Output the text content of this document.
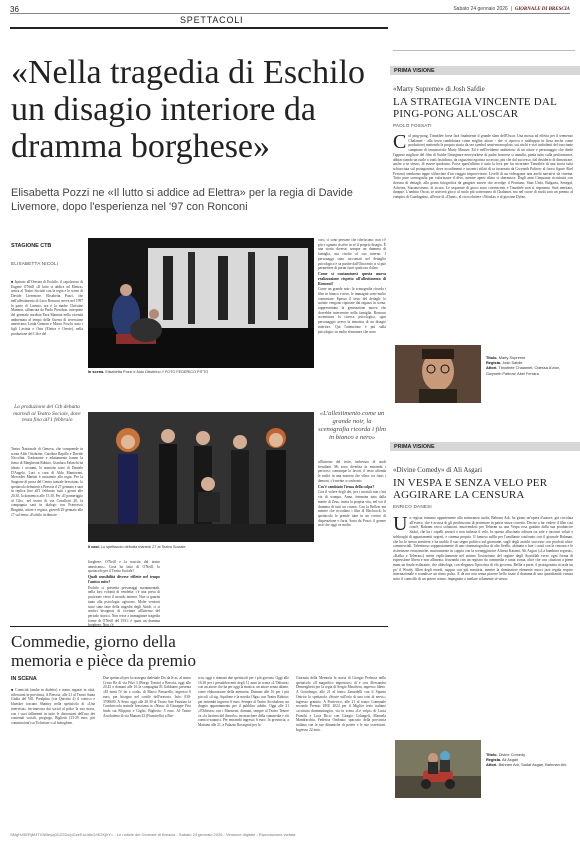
36	Sabato 24 gennaio 2026  |  GIORNALE DI BRESCIA
SPETTACOLI
«Nella tragedia di Eschilo un disagio interiore da dramma borghese»
Elisabetta Pozzi ne «Il lutto si addice ad Elettra» per la regia di Davide Livemore, dopo l'esperienza nel '97 con Ronconi
STAGIONE CTB
ELISABETTA NICOLI

■ Ispirato all'Orestea di Eschilo, il capolavoro di Eugene O'Neill «Il lutto si addice ad Elettra» arriva al Teatro Sociale con la regia e le scene di Davide Livermore. Elisabetta Pozzi, che nell'allestimento di Luca Ronconi aveva nel 1997 la parte di Lavinia, ora è la madre Christine Mannon, affiancata da Paolo Pierobon, interprete del generale nordista Ezra Mannon nella vicenda ambientata al tempo della Guerra di secessione americana; Linda Gennari e Marco Foschi sono i figli Lavinia e Orin (Elettra e Oreste), nella produzione del Ctb e del

La produzione del Ctb debutta martedì al Teatro Sociale, dove resta fino all'1 febbraio

Teatro Nazionale di Genova, che comprende in scena Aldo Ottobrino, Carolina Rapillo e Davide Niccolini. Traduzione e adattamento hanno la firma di Margherita Rubino, Gianluca Falaschi ha ideato i costumi, le musiche sono di Daniele D'Angelo. Luci a cura di Aldo Mantovani, Mercedes Martini è assistente alla regia. Per la Stagione di prosa del Centro teatrale bresciano, lo spettacolo debutterà a Brescia il 27 gennaio e sarà in replica fino all'1 febbraio: tutti i giorni alle 20.30, la domenica alle 15.30. Per «Il pomeriggio al Ctb», nel teatro di via Cavallotti 20, la compagnia sarà in dialogo con Francesco Biagietti, attore e regista, giovedì 29 gennaio alle 17 sul tema: «Eschilo in dimore

In scena. Elisabetta Pozzi e Aldo Ottobrino // FOTO FEDERICO PITTO
Il cast. Lo spettacolo debutta martedì 27 al Teatro Sociale

borghese. O'Neill e la nascita del teatro americano». Cosa ha fatto di O'Neill, lo spettacolo per il Teatro Sociale?

Quali sensibilità diverse riflette nel tempo l'antico mito?

Eschilo ci presenta personaggi monumentali, nella loro volontà di vendetta: c'è una presa di posizione verso il mondo interno. Non si guarda tanto alla psicologia: agiscono. Molte versioni sono state fatte della tragedia degli Atridi, ci si sentivi bisognosi di ricettare all'interno del periodo storico. Non tesse a immaginare tragedia forme di O'Neill del 1931: è quasi un dramma

coro, ci sono persone che riferiscono: non c'è più e ognuno risolve in sé il proprio disagio. È una storia diversa: sempre un dramma di famiglia, ma risolto al suo interno. I personaggi sono raccontati nel dettaglio psicologico e ca partire dall'Ottocento ci si può permettere di portar fuori qualcosa d'altro.

Come si contaminerà questa nuova realizzazione rispetto all'allestimento di Ronconi?

Come un grande noir: la scenografia ricorda i film in bianco e nero, le immagini sono molto contrastate. Spesso il testo del dettagli, le notizie vengono riportate dai ragazzi in scena: rappresentano la generazione nuova che dovrebbe intervenire nella famiglia. Ronconi accentuava la ricerca psicologica, ogni personaggio aveva la tematica di un disagio interiore. Qui l'attenzione è più sulla psicologia: su molte sfumature che sono

«L'allestimento come un grande noir, la scenografia ricorda i film in bianco e nero»

all'interno del testo, imbevuto di studi freudiani. Mi sono divertita in entrambi i percorsi: comunque lo lavori, il testo affonda le radici in una materia che vibra: tra fuori i demoni, c'è mente a confronto.

Cos'è cambiato l'tema della colpa?

Con il volere degli dei, per i mortali non c'era via di scampo. Anna, femmina nata dalla mente di Zeus, invita la propria vita, nel voi il dramma di tutti un cosmo. Con la Bellosi ma mentre che ricordano i film di Hitchcock, lo spettacolo lo prende tutte in un vortice di disperazione e furia. Sono da Pozzi: il genere noir che oggi va molto.

Commedie, giorno della memoria e pièce da premio
IN SCENA
■ Comicità (anche in dialetto) e teatro ragazzi in città, riflessioni in provincia. A Brescia, alle 21 al Teatro Santa Giulia del Vill. Prealpino (via Quistini 4) il comico e bluesker toscano Shamzy nella spettacolo di «Una intervista» tra-tranvasa dai social al palco la sua storia, con i suoi fallimenti in tutte le distorsioni dell'uso dei contenuti sociali, progiogo, Biglietti (13-29 euro, più commissioni) su Ticketone o al botteghino.
Due spettacoli per la rassegna dialettale Dis da lè as, al teatro Cristo Re di via Filzi 3 (Borgo Trento) a Brescia, oggi alle 20.45 e domani alle 16 la compagnia El Gabbiano presenta «El ment l'è fat a scala» di Marco Passarello, ingresso 6 euro, per bisogno nel cortile dell'oratorio. Info: 030-3700600. A Sesto oggi alle 20.30 al Teatro San Faustino la Combriccola teatrale bresciana in «Nina» di Giuseppe Frio lindo sui Filippini e Giglio. Biglietto: 5 euro. Al Teatro Arcobaleno di via Manara 23 (Fiumicello) a Bre-
scia, oggi e domani due spettacoli per i più giovani. Oggi alle 16.30 per i preadolescenti degli 11 anni in scena «L'Odissea» con un attore che ha per oggi la musica: un attore senza ultimo, come elaborazione della memoria. Domani alle 16 per i più piccoli «il sig. Aquilone e la nuvola Olga» con Teatro Ridotto; per entrambi ingresso 6 euro. Sempre al Teatro Arcobaleno, un doppio appuntamento per il pubblico adulto. Oggi alle 21 «l'Odissea» con i Maestrini; domani, sempre al Teatro Tenore va «la lacrima del diavolo» tra maschere della commedia e riti comico-satanici. Per entrambi ingresso 6 euro. In provincia, a Mairano alle 21, a Palazzo Rossignol per la
Giornata della Memoria la storia di Giorgio Perlasca nello spettacolo «Il magnifico impostore» di e con Alessandro Demenghetti per la regia di Sergio Maschera, ingresso libero. A Gottolengo, alle 21 al teatro Zanardelli con il Sipario Onirico lo spettacolo «Storie sull'orlo di una crisi di nervi»; ingresso gratuito. A Pontevico, alle 21 al teatro Comunale secondo Premio UBU 2024 per il Miglior testo italiano «scrittura drammaturgica, via in scena «Le volpi» di Lucia Franchi e Luca Ricci con Giorgio Colangeli, Manuela Mandracchia, Federica Ombrato: spaccato della provincia italiana con le sue dinamiche di potere e le sue ossessioni. Ingresso 22 euro.
PRIMA VISIONE
«Marty Supreme» di Josh Safdie
LA STRATEGIA VINCENTE DAL PING-PONG ALL'OSCAR
PAOLO FOSSATI
Col ping-pong, Timothée forse farà finalmente il grande slam dell'Oscar. Una mossa ad effetto per il tremenso Chalamet - alla terza candidatura come miglior attore - che ci riprova e raddoppia in lizza anche come produttore) mettendo la propria storia da sex symbol semi-monocplato, sui rischi e vizi turbolenti del tracciante campione di tennistavolo Marty Mauser. Ed è nell'evidente ambizioso di un attore e personaggio che diede l'appeso migliore del film di Safdie l'insegnare neuvyorkese di padre francese si annulla, punta tutto sulla performance, abbracciando un ruolo a tratti fastidioso, da ragazzino egotista accecato, più che dal successo, dal desiderio di dimostrare, anche a se stesso, di essere qualcuno. Forse quest'ultima è stata la leva per far incarnare Timothée di una storia tutta schiacciata sul protagonista, dove accadimenti e incontri stilati di ra incarnata da Gwyneth Paltrow al fuoco figure Abel Ferrara) sembrano tappe sfilacciate d'un viaggio improvvisato. Livelli di un videogame non anchi narrativi da cinema. Tutto pure scenografia per valorizzare il divo, mentre aperti rilmo si sbermisce. Dagli anni Cinquanta ricostruiti con dovizia di dettagli, alla grana fotografica da gangster movie che avvolge il Perniano, Stati Uniti, Bulgaria, Senegal, Acherea, Stacanovismo, di sicuro. Le sequenze di gioco sono convincenti e Timothée non si risparmia. Sarà meritato, dunque. L'ambito Oscar, se arriverà gioco al ruolo più sotterranea di Chalamet, ma nel cuore di molti sarà un premio al vampiro di Guadagnino, all'eroe di «Dune», al cioccolatiere «Wonka» o al giovane Dylan.
Titolo. Marty Supreme
Regista. Josh Safdie
Attori. Timothée Chalamet, Odessa A'zion, Gwyneth Paltrow, Abel Ferrara
PRIMA VISIONE
«Divine Comedy» di Ali Asgari
IN VESPA E SENZA VELO PER AGGIRARE LA CENSURA
ENRICO DANESI
Un regista iraniano appartenente alla minoranza curda, Bahram Ark, ha girato un'opera d'autore, già circolata all'estero, che è accusa di gli proibiscono di proiettare in patria senza corretto. Decise a far vedere il film così com'è, Bahram cerca soluzioni, muovendosi per Teheran su una Vespa rosa guidata dalla sua produttrice Sadaf, che ha i capelli azzurri e non indossa il velo. In questo allucinato odissea tra sale e incontri voluti e sobborghi di appartamenti segreti, e cinema proprio. Il famoso sulfle per l'umiliante confronto con il giornale Bahman, che ha lo stesso mestiere e ha inalilo il suo segno politico sul giorname, sugli degli antichi successo con prodotti ultra-commerciali. Talentuoso sopparatamente di uno cinematografica di alto livello, abituata a fare i conti con la censura e le ristrettezze economiche, muovamente in coppia con la sceneggiatrice Alireza Katami, Ali Asgari («La bambina segreta», «Kafka a Teheran») mette esplicitamente nel mirino l'ostracismo del regime degli Ayatollah verso ogni forma di espressione libera e non allineata, frizzando con un registro da commedia e tanta ironia, oltre che con citazioni a piene mani un finale esilarante, che aldeologa, con eleganza l'ipocrisia di chi governa. Bellia a parte, il protagonista ricorda un po' il Woody Allen degli esordi, suppur con più mestizia, mentre la dominatore elemento nuovi jazz regala respiro internazionale e scandisce un ritmo pulso. E da noi non senza piacere bello risate il dramma di una quotidianità vissuta sotto il controllo di un potere ottuso, impegnato a tutelare solamente sé stesso.
Titolo. Divine Comedy
Regista. Ali Asgari
Attori. Bahram Ark, Sadaf Asgari, Bahman Ark
SMgHz5ERjM4TXNBeyq0GZ2Ds/pGzeEuUdhG/tK2KjhY= - Le notizie del Giornale di Brescia - Sabato 24 gennaio 2026 - Versione digitale - Riproduzione vietata
